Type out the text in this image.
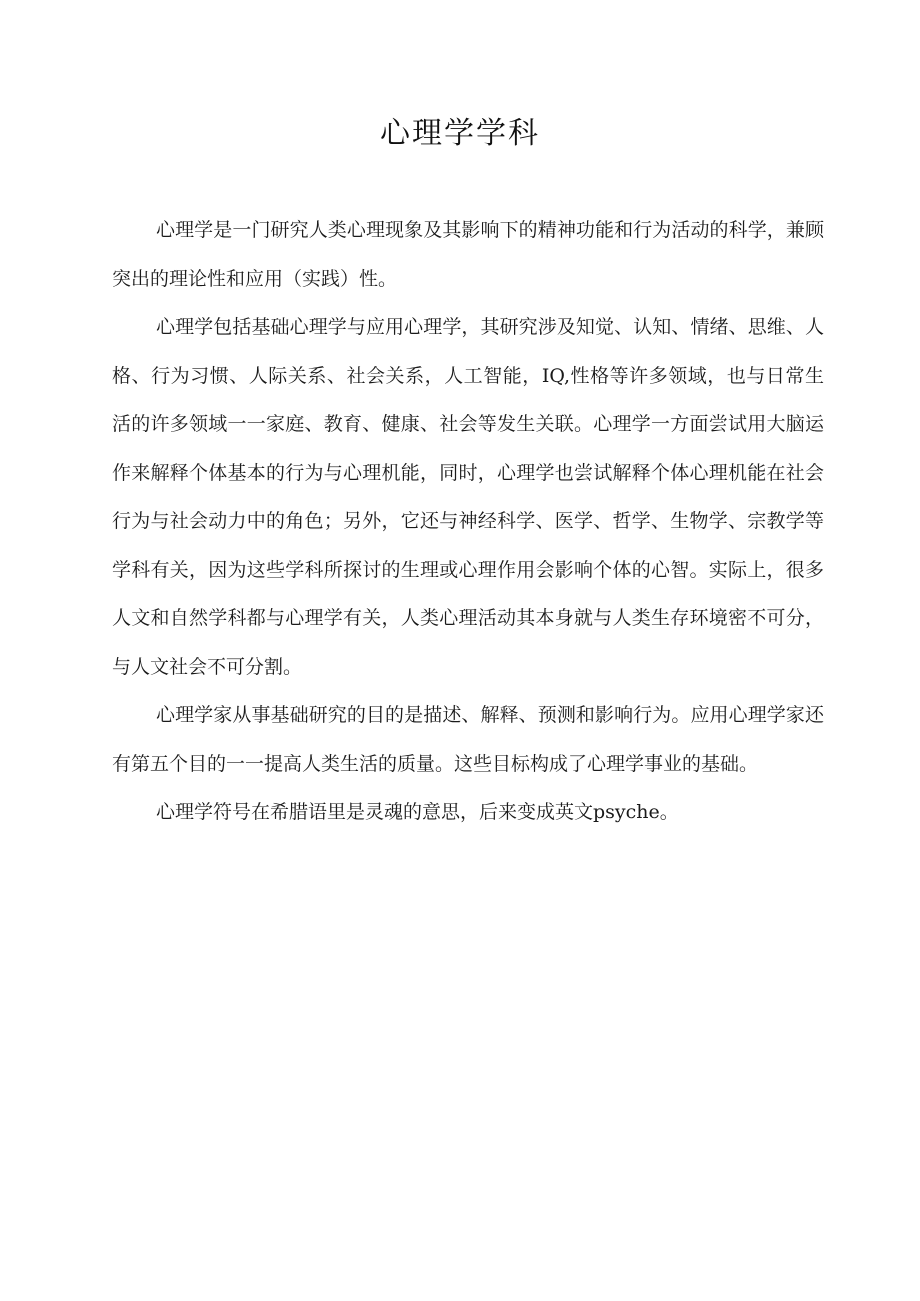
心理学学科

心理学是一门研究人类心理现象及其影响下的精神功能和行为活动的科学，兼顾突出的理论性和应用（实践）性。

心理学包括基础心理学与应用心理学，其研究涉及知觉、认知、情绪、思维、人格、行为习惯、人际关系、社会关系，人工智能，IQ,性格等许多领域，也与日常生活的许多领域一一家庭、教育、健康、社会等发生关联。心理学一方面尝试用大脑运作来解释个体基本的行为与心理机能，同时，心理学也尝试解释个体心理机能在社会行为与社会动力中的角色；另外，它还与神经科学、医学、哲学、生物学、宗教学等学科有关，因为这些学科所探讨的生理或心理作用会影响个体的心智。实际上，很多人文和自然学科都与心理学有关，人类心理活动其本身就与人类生存环境密不可分，与人文社会不可分割。

心理学家从事基础研究的目的是描述、解释、预测和影响行为。应用心理学家还有第五个目的一一提高人类生活的质量。这些目标构成了心理学事业的基础。

心理学符号在希腊语里是灵魂的意思，后来变成英文psyche。
